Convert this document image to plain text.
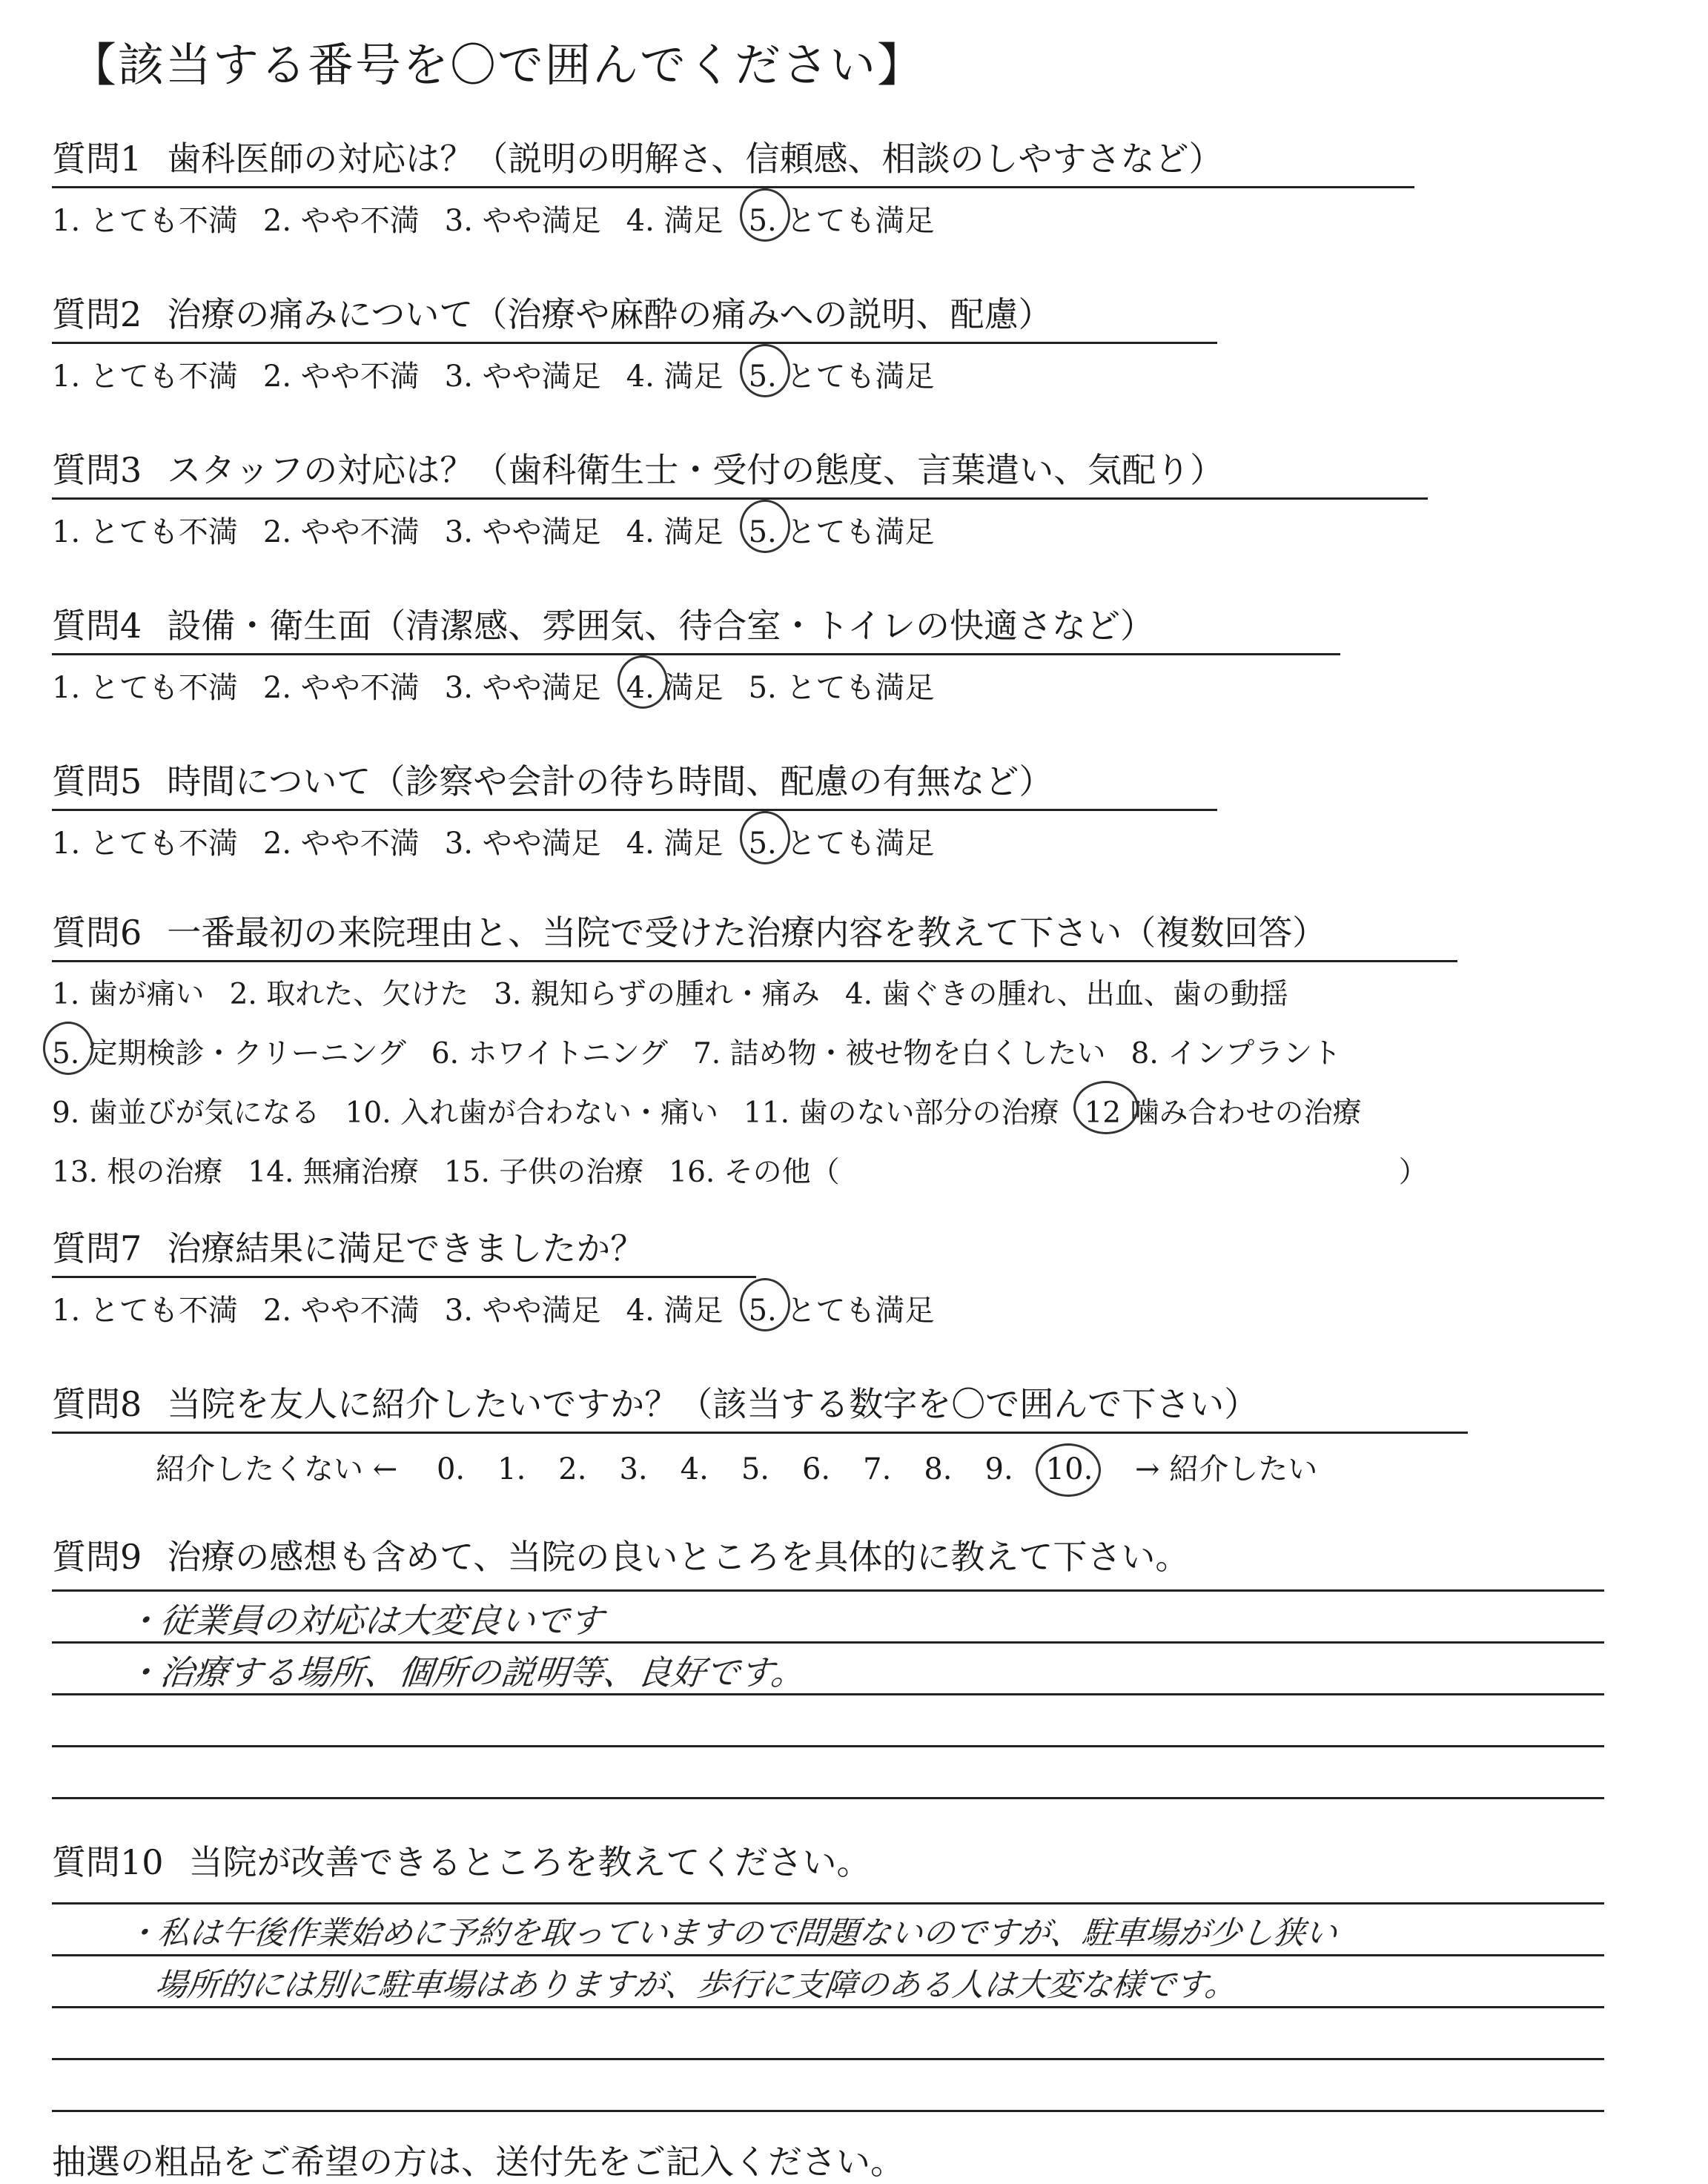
【該当する番号を〇で囲んでください】
質問1 歯科医師の対応は？（説明の明解さ、信頼感、相談のしやすさなど）
1. とても不満 2. やや不満 3. やや満足 4. 満足 5. とても満足
質問2 治療の痛みについて（治療や麻酔の痛みへの説明、配慮）
1. とても不満 2. やや不満 3. やや満足 4. 満足 5. とても満足
質問3 スタッフの対応は？（歯科衛生士・受付の態度、言葉遣い、気配り）
1. とても不満 2. やや不満 3. やや満足 4. 満足 5. とても満足
質問4 設備・衛生面（清潔感、雰囲気、待合室・トイレの快適さなど）
1. とても不満 2. やや不満 3. やや満足 4. 満足 5. とても満足
質問5 時間について（診察や会計の待ち時間、配慮の有無など）
1. とても不満 2. やや不満 3. やや満足 4. 満足 5. とても満足
質問6 一番最初の来院理由と、当院で受けた治療内容を教えて下さい（複数回答）
1. 歯が痛い 2. 取れた、欠けた 3. 親知らずの腫れ・痛み 4. 歯ぐきの腫れ、出血、歯の動揺
5. 定期検診・クリーニング 6. ホワイトニング 7. 詰め物・被せ物を白くしたい 8. インプラント
9. 歯並びが気になる 10. 入れ歯が合わない・痛い 11. 歯のない部分の治療 12 噛み合わせの治療
13. 根の治療 14. 無痛治療 15. 子供の治療 16. その他（	）
質問7 治療結果に満足できましたか？
1. とても不満 2. やや不満 3. やや満足 4. 満足 5. とても満足
質問8 当院を友人に紹介したいですか？（該当する数字を〇で囲んで下さい）
紹介したくない ← 0. 1. 2. 3. 4. 5. 6. 7. 8. 9. 10. → 紹介したい
質問9 治療の感想も含めて、当院の良いところを具体的に教えて下さい。
・従業員の対応は大変良いです
・治療する場所、個所の説明等、良好です。
質問10 当院が改善できるところを教えてください。
・私は午後作業始めに予約を取っていますので問題ないのですが、駐車場が少し狭い
場所的には別に駐車場はありますが、歩行に支障のある人は大変な様です。
抽選の粗品をご希望の方は、送付先をご記入ください。
